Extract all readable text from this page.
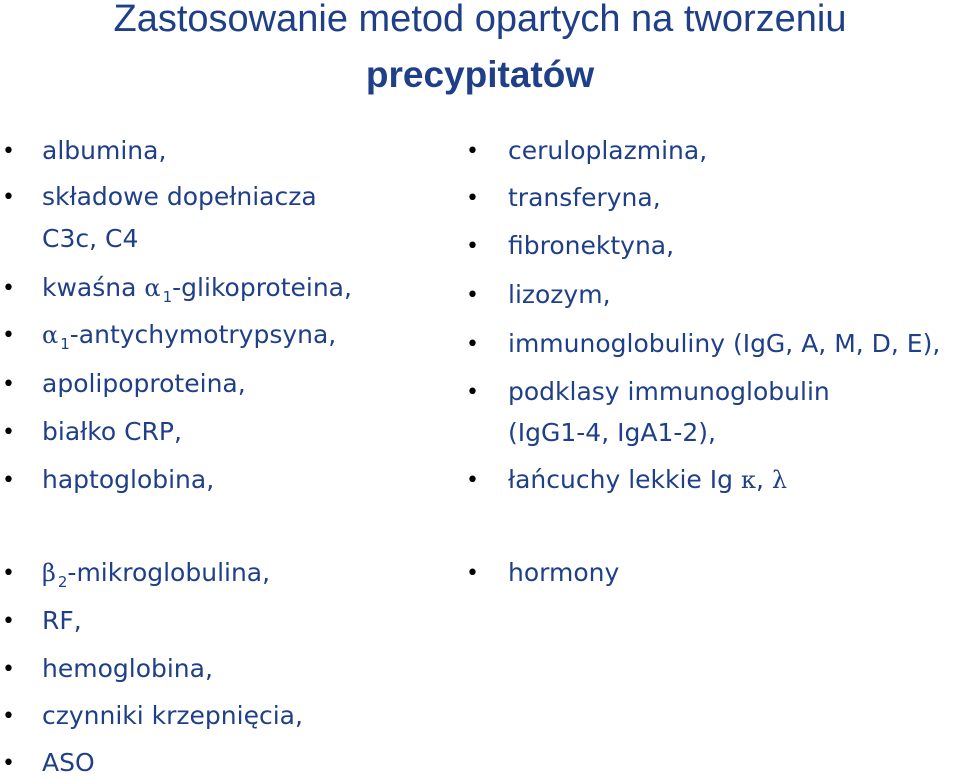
Zastosowanie metod opartych na tworzeniu
precypitatów
• albumina,
• składowe dopełniacza
C3c, C4
• kwaśna α $_1$-glikoproteina,
• α $_1$-antychymotrypsyna,
• apolipoproteina,
• białko CRP,
• haptoglobina,
• ceruloplazmina,
• transferyna,
• fibronektyna,
• lizozym,
• immunoglobuliny (IgG, A, M, D, E),
• podklasy immunoglobulin
(IgG1-4, IgA1-2),
• łańcuchy lekkie Ig κ, λ
• β $_2$-mikroglobulina,
• RF,
• hemoglobina,
• czynniki krzepnięcia,
• ASO
• hormony
